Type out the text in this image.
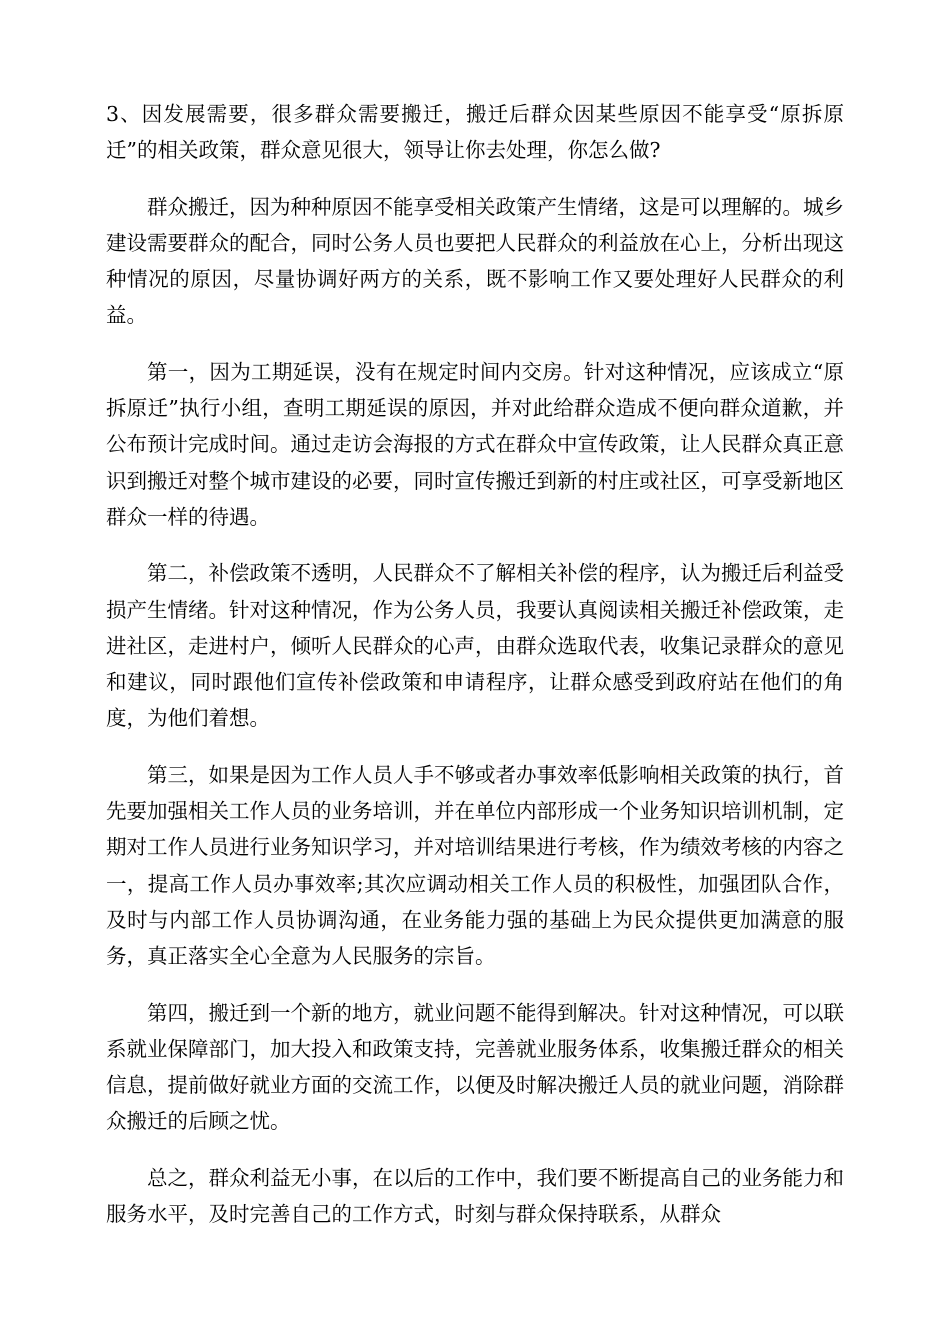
3、因发展需要，很多群众需要搬迁，搬迁后群众因某些原因不能享受“原拆原迁”的相关政策，群众意见很大，领导让你去处理，你怎么做?

群众搬迁，因为种种原因不能享受相关政策产生情绪，这是可以理解的。城乡建设需要群众的配合，同时公务人员也要把人民群众的利益放在心上，分析出现这种情况的原因，尽量协调好两方的关系，既不影响工作又要处理好人民群众的利益。

第一，因为工期延误，没有在规定时间内交房。针对这种情况，应该成立“原拆原迁”执行小组，查明工期延误的原因，并对此给群众造成不便向群众道歉，并公布预计完成时间。通过走访会海报的方式在群众中宣传政策，让人民群众真正意识到搬迁对整个城市建设的必要，同时宣传搬迁到新的村庄或社区，可享受新地区群众一样的待遇。

第二，补偿政策不透明，人民群众不了解相关补偿的程序，认为搬迁后利益受损产生情绪。针对这种情况，作为公务人员，我要认真阅读相关搬迁补偿政策，走进社区，走进村户，倾听人民群众的心声，由群众选取代表，收集记录群众的意见和建议，同时跟他们宣传补偿政策和申请程序，让群众感受到政府站在他们的角度，为他们着想。

第三，如果是因为工作人员人手不够或者办事效率低影响相关政策的执行，首先要加强相关工作人员的业务培训，并在单位内部形成一个业务知识培训机制，定期对工作人员进行业务知识学习，并对培训结果进行考核，作为绩效考核的内容之一，提高工作人员办事效率;其次应调动相关工作人员的积极性，加强团队合作，及时与内部工作人员协调沟通，在业务能力强的基础上为民众提供更加满意的服务，真正落实全心全意为人民服务的宗旨。

第四，搬迁到一个新的地方，就业问题不能得到解决。针对这种情况，可以联系就业保障部门，加大投入和政策支持，完善就业服务体系，收集搬迁群众的相关信息，提前做好就业方面的交流工作，以便及时解决搬迁人员的就业问题，消除群众搬迁的后顾之忧。

总之，群众利益无小事，在以后的工作中，我们要不断提高自己的业务能力和服务水平，及时完善自己的工作方式，时刻与群众保持联系，从群众
